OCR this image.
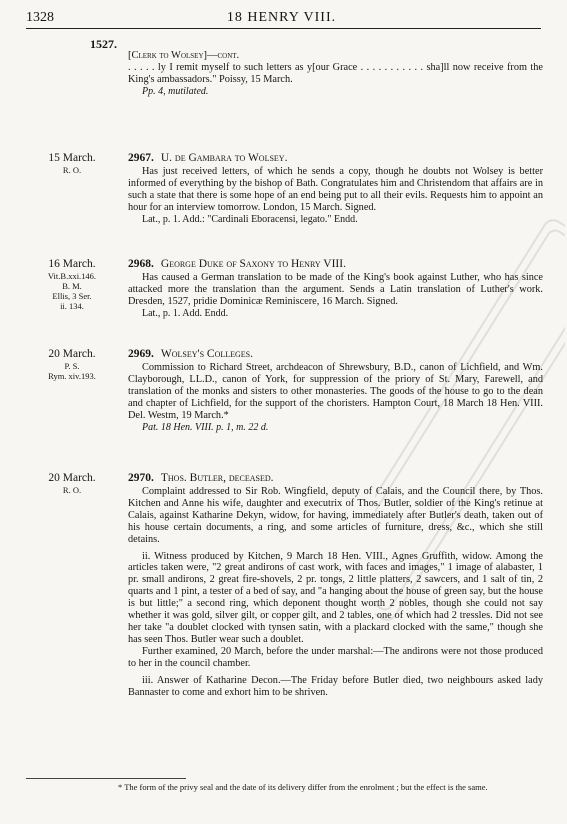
1328	18 HENRY VIII.
1527.

[Clerk to Wolsey]—cont.

. . . . . ly I remit myself to such letters as y[our Grace . . . . . . . . . . . sha]ll now receive from the King's ambassadors." Poissy, 15 March.

Pp. 4, mutilated.

15 March.
R. O.

2967. U. de Gambara to Wolsey.

Has just received letters, of which he sends a copy, though he doubts not Wolsey is better informed of everything by the bishop of Bath. Congratulates him and Christendom that affairs are in such a state that there is some hope of an end being put to all their evils. Requests him to appoint an hour for an interview tomorrow. London, 15 March. Signed.

Lat., p. 1. Add.: "Cardinali Eboracensi, legato." Endd.

16 March.
Vit.B.xxi.146.
B. M.
Ellis, 3 Ser.
ii. 134.

2968. George Duke of Saxony to Henry VIII.

Has caused a German translation to be made of the King's book against Luther, who has since attacked more the translation than the argument. Sends a Latin translation of Luther's work. Dresden, 1527, pridie Dominicæ Reminiscere, 16 March. Signed.

Lat., p. 1. Add. Endd.

20 March.
P. S.
Rym. xiv.193.

2969. Wolsey's Colleges.

Commission to Richard Street, archdeacon of Shrewsbury, B.D., canon of Lichfield, and Wm. Clayborough, LL.D., canon of York, for suppression of the priory of St. Mary, Farewell, and translation of the monks and sisters to other monasteries. The goods of the house to go to the dean and chapter of Lichfield, for the support of the choristers. Hampton Court, 18 March 18 Hen. VIII. Del. Westm, 19 March.*

Pat. 18 Hen. VIII. p. 1, m. 22 d.

20 March.
R. O.

2970. Thos. Butler, deceased.

Complaint addressed to Sir Rob. Wingfield, deputy of Calais, and the Council there, by Thos. Kitchen and Anne his wife, daughter and executrix of Thos. Butler, soldier of the King's retinue at Calais, against Katharine Dekyn, widow, for having, immediately after Butler's death, taken out of his house certain documents, a ring, and some articles of furniture, dress, &c., which she still detains.

ii. Witness produced by Kitchen, 9 March 18 Hen. VIII., Agnes Gruffith, widow. Among the articles taken were, "2 great andirons of cast work, with faces and images," 1 image of alabaster, 1 pr. small andirons, 2 great fire-shovels, 2 pr. tongs, 2 little platters, 2 sawcers, and 1 salt of tin, 2 quarts and 1 pint, a tester of a bed of say, and "a hanging about the house of green say, but the house is but little;" a second ring, which deponent thought worth 2 nobles, though she could not say whether it was gold, silver gilt, or copper gilt, and 2 tables, one of which had 2 tressles. Did not see her take "a doublet clocked with tynsen satin, with a plackard clocked with the same," though she has seen Thos. Butler wear such a doublet.

Further examined, 20 March, before the under marshal:—The andirons were not those produced to her in the council chamber.

iii. Answer of Katharine Decon.—The Friday before Butler died, two neighbours asked lady Bannaster to come and exhort him to be shriven.

* The form of the privy seal and the date of its delivery differ from the enrolment ; but the effect is the same.
